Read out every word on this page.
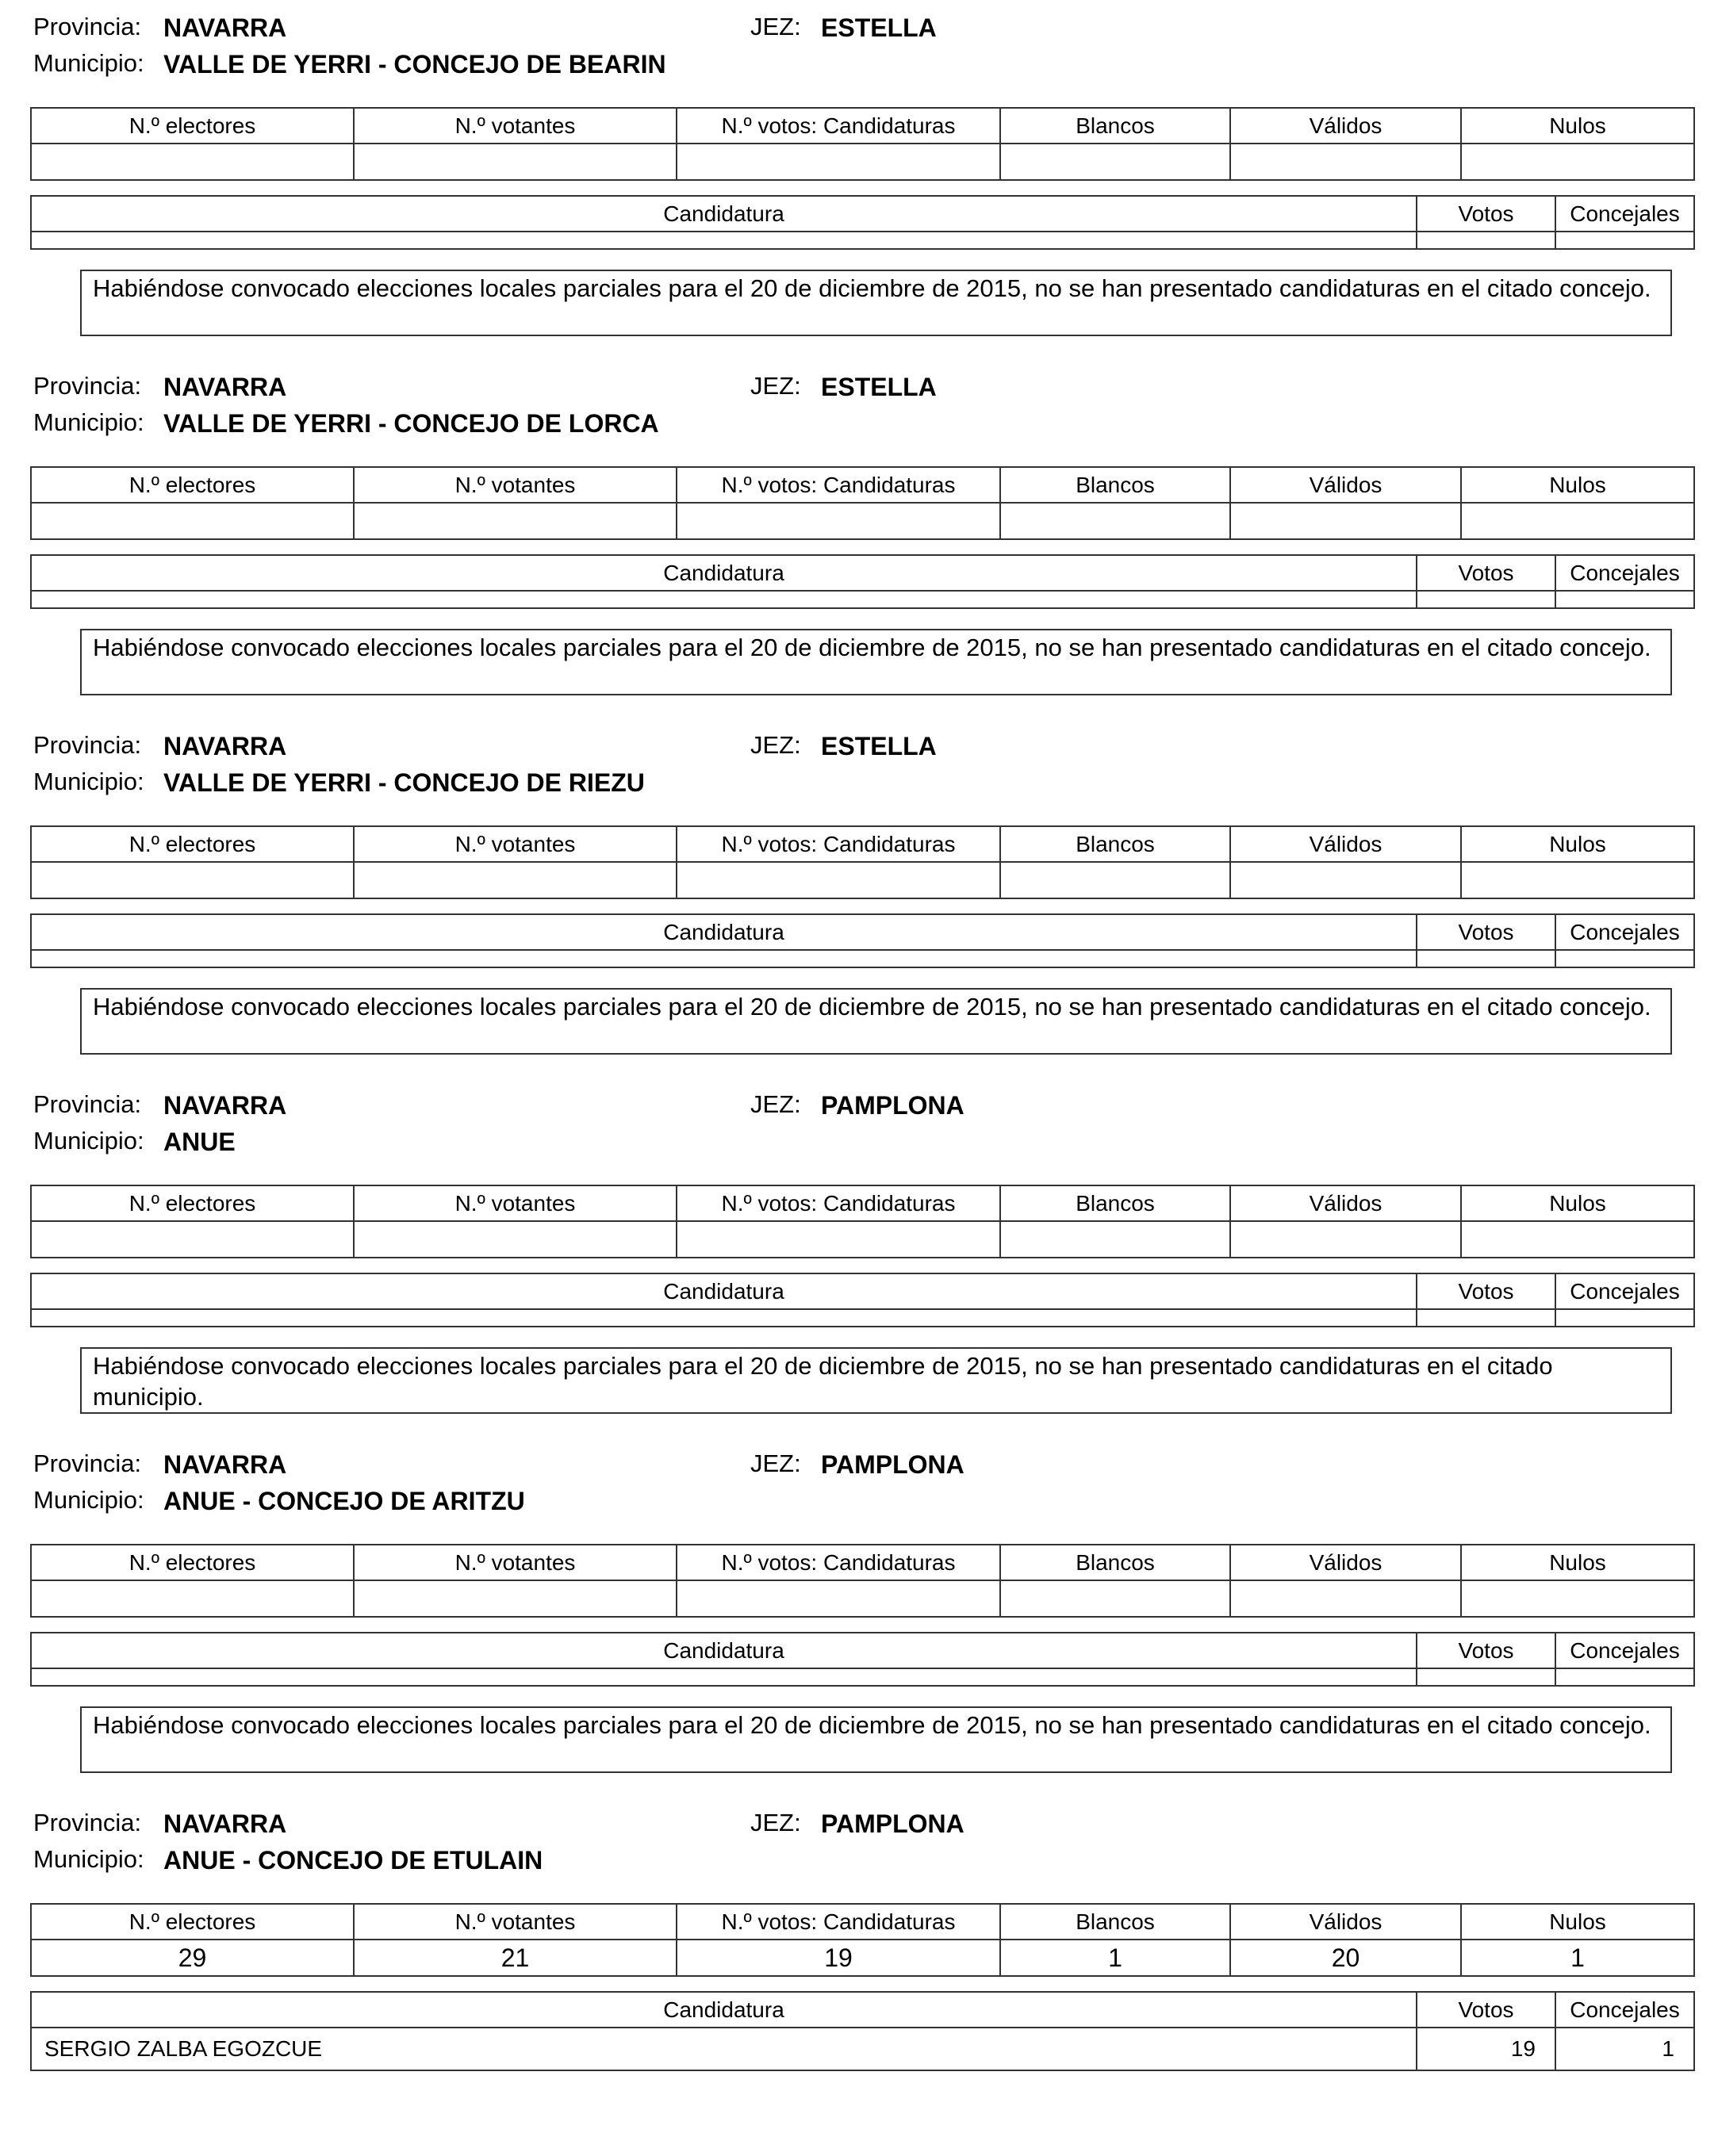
Provincia: NAVARRA	JEZ: ESTELLA
Municipio: VALLE DE YERRI - CONCEJO DE BEARIN
N.º electores	N.º votantes	N.º votos: Candidaturas	Blancos	Válidos	Nulos

Candidatura	Votos	Concejales

Habiéndose convocado elecciones locales parciales para el 20 de diciembre de 2015, no se han presentado candidaturas en el citado concejo.
Provincia: NAVARRA	JEZ: ESTELLA
Municipio: VALLE DE YERRI - CONCEJO DE LORCA
N.º electores	N.º votantes	N.º votos: Candidaturas	Blancos	Válidos	Nulos

Candidatura	Votos	Concejales

Habiéndose convocado elecciones locales parciales para el 20 de diciembre de 2015, no se han presentado candidaturas en el citado concejo.
Provincia: NAVARRA	JEZ: ESTELLA
Municipio: VALLE DE YERRI - CONCEJO DE RIEZU
N.º electores	N.º votantes	N.º votos: Candidaturas	Blancos	Válidos	Nulos

Candidatura	Votos	Concejales

Habiéndose convocado elecciones locales parciales para el 20 de diciembre de 2015, no se han presentado candidaturas en el citado concejo.
Provincia: NAVARRA	JEZ: PAMPLONA
Municipio: ANUE
N.º electores	N.º votantes	N.º votos: Candidaturas	Blancos	Válidos	Nulos

Candidatura	Votos	Concejales

Habiéndose convocado elecciones locales parciales para el 20 de diciembre de 2015, no se han presentado candidaturas en el citado municipio.
Provincia: NAVARRA	JEZ: PAMPLONA
Municipio: ANUE - CONCEJO DE ARITZU
N.º electores	N.º votantes	N.º votos: Candidaturas	Blancos	Válidos	Nulos

Candidatura	Votos	Concejales

Habiéndose convocado elecciones locales parciales para el 20 de diciembre de 2015, no se han presentado candidaturas en el citado concejo.
Provincia: NAVARRA	JEZ: PAMPLONA
Municipio: ANUE - CONCEJO DE ETULAIN
N.º electores	N.º votantes	N.º votos: Candidaturas	Blancos	Válidos	Nulos
29	21	19	1	20	1
Candidatura	Votos	Concejales
SERGIO ZALBA EGOZCUE	19	1
